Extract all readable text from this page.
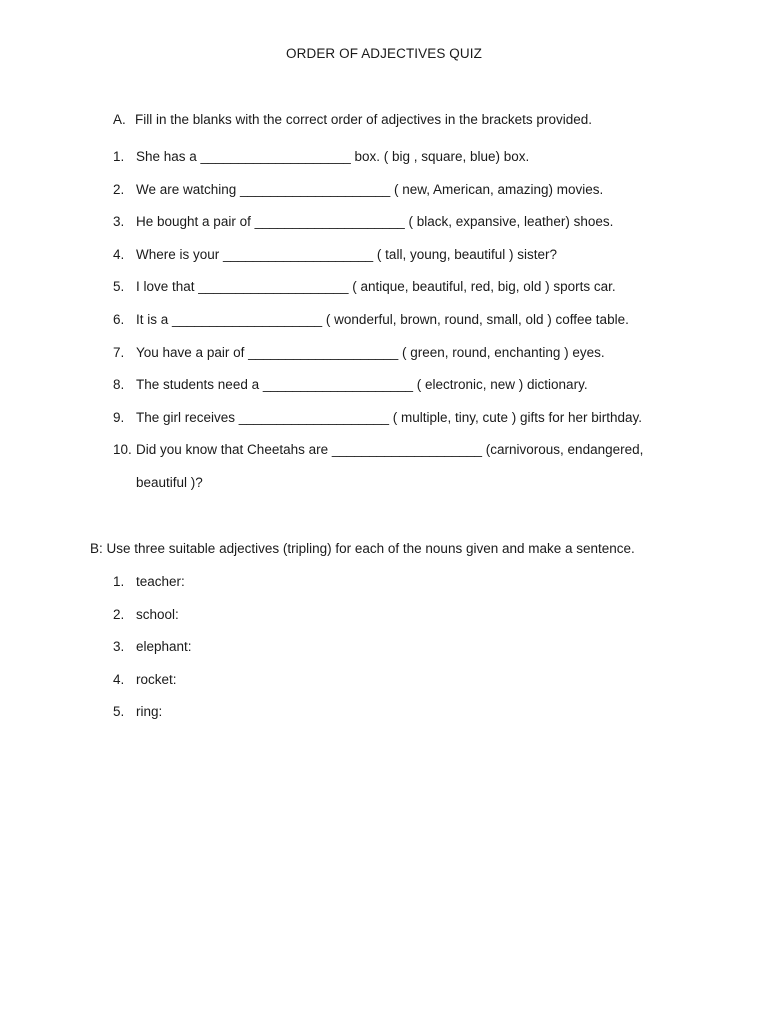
ORDER OF ADJECTIVES QUIZ
A. Fill in the blanks with the correct order of adjectives in the brackets provided.
1. She has a ____________________ box. ( big , square, blue) box.
2. We are watching ____________________ ( new, American, amazing) movies.
3. He bought a pair of ____________________ ( black, expansive, leather) shoes.
4. Where is your ____________________ ( tall, young, beautiful ) sister?
5. I love that ____________________ ( antique, beautiful, red, big, old ) sports car.
6. It is a ____________________ ( wonderful, brown, round, small, old ) coffee table.
7. You have a pair of ____________________ ( green, round, enchanting ) eyes.
8. The students need a ____________________ ( electronic, new ) dictionary.
9. The girl receives ____________________ ( multiple, tiny, cute ) gifts for her birthday.
10. Did you know that Cheetahs are ____________________ (carnivorous, endangered, beautiful )?
B: Use three suitable adjectives (tripling) for each of the nouns given and make a sentence.
1. teacher:
2. school:
3. elephant:
4. rocket:
5. ring:
